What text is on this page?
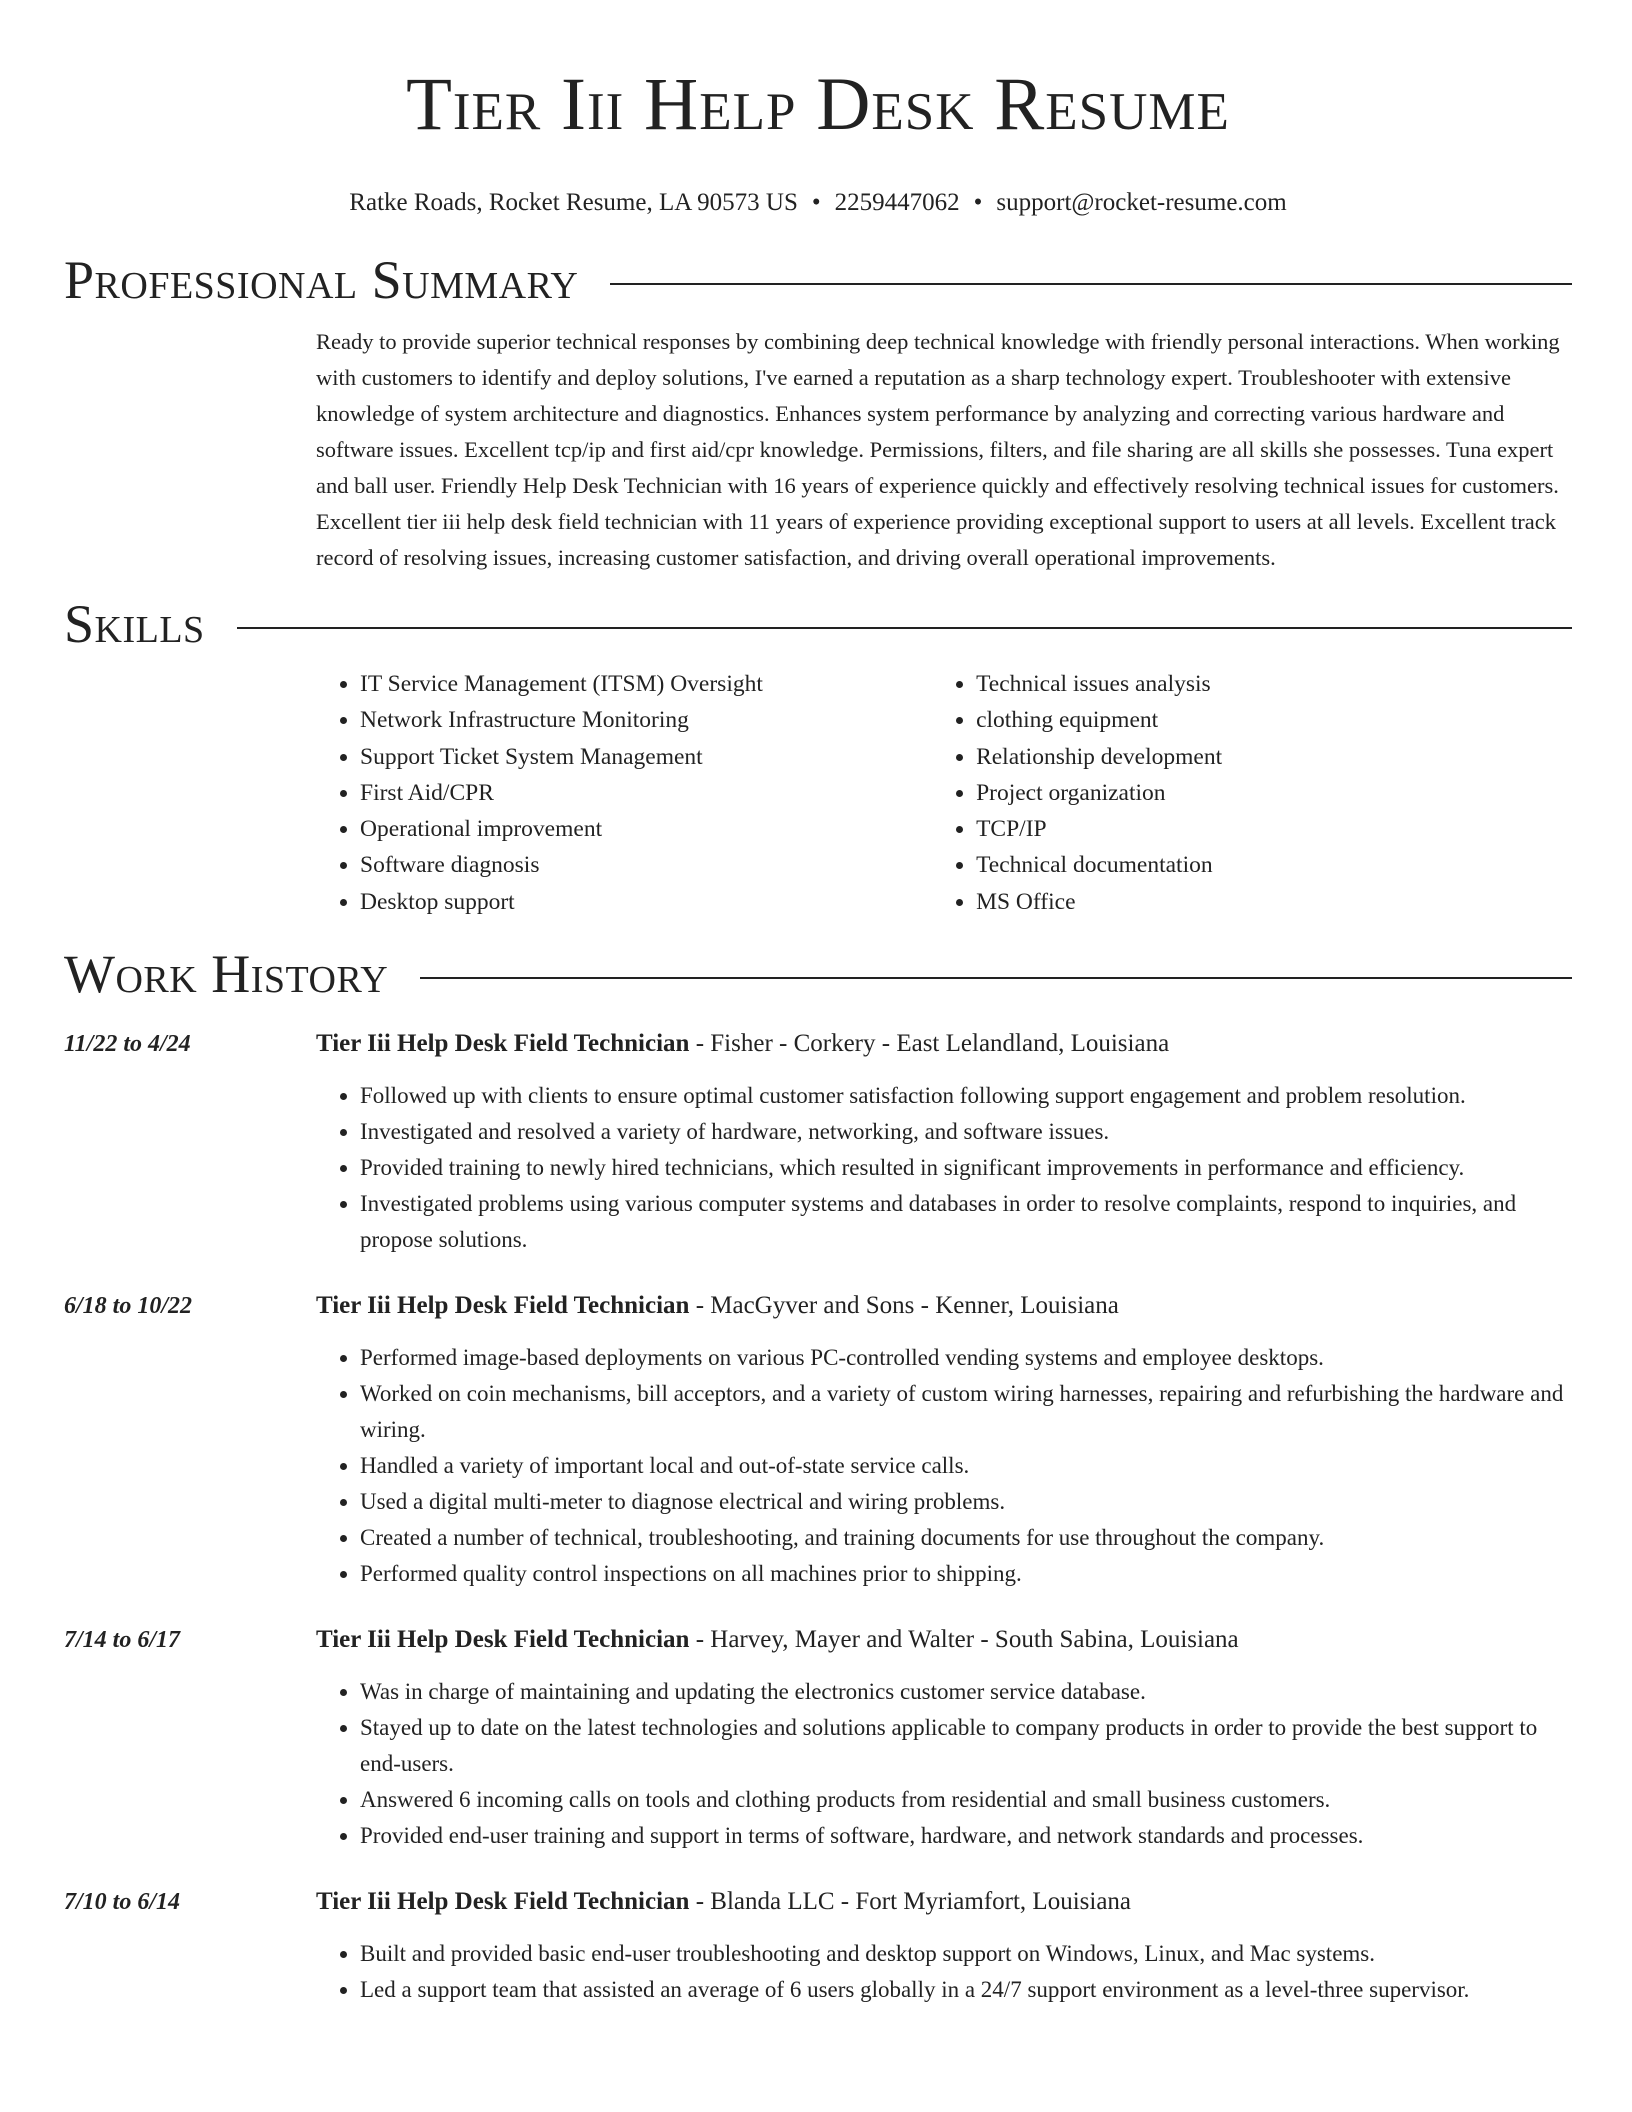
Tier Iii Help Desk Resume
Ratke Roads, Rocket Resume, LA 90573 US • 2259447062 • support@rocket-resume.com
Professional Summary
Ready to provide superior technical responses by combining deep technical knowledge with friendly personal interactions. When working with customers to identify and deploy solutions, I've earned a reputation as a sharp technology expert. Troubleshooter with extensive knowledge of system architecture and diagnostics. Enhances system performance by analyzing and correcting various hardware and software issues. Excellent tcp/ip and first aid/cpr knowledge. Permissions, filters, and file sharing are all skills she possesses. Tuna expert and ball user. Friendly Help Desk Technician with 16 years of experience quickly and effectively resolving technical issues for customers. Excellent tier iii help desk field technician with 11 years of experience providing exceptional support to users at all levels. Excellent track record of resolving issues, increasing customer satisfaction, and driving overall operational improvements.
Skills
• IT Service Management (ITSM) Oversight
• Network Infrastructure Monitoring
• Support Ticket System Management
• First Aid/CPR
• Operational improvement
• Software diagnosis
• Desktop support
• Technical issues analysis
• clothing equipment
• Relationship development
• Project organization
• TCP/IP
• Technical documentation
• MS Office
Work History
11/22 to 4/24	Tier Iii Help Desk Field Technician - Fisher - Corkery - East Lelandland, Louisiana
• Followed up with clients to ensure optimal customer satisfaction following support engagement and problem resolution.
• Investigated and resolved a variety of hardware, networking, and software issues.
• Provided training to newly hired technicians, which resulted in significant improvements in performance and efficiency.
• Investigated problems using various computer systems and databases in order to resolve complaints, respond to inquiries, and propose solutions.
6/18 to 10/22	Tier Iii Help Desk Field Technician - MacGyver and Sons - Kenner, Louisiana
• Performed image-based deployments on various PC-controlled vending systems and employee desktops.
• Worked on coin mechanisms, bill acceptors, and a variety of custom wiring harnesses, repairing and refurbishing the hardware and wiring.
• Handled a variety of important local and out-of-state service calls.
• Used a digital multi-meter to diagnose electrical and wiring problems.
• Created a number of technical, troubleshooting, and training documents for use throughout the company.
• Performed quality control inspections on all machines prior to shipping.
7/14 to 6/17	Tier Iii Help Desk Field Technician - Harvey, Mayer and Walter - South Sabina, Louisiana
• Was in charge of maintaining and updating the electronics customer service database.
• Stayed up to date on the latest technologies and solutions applicable to company products in order to provide the best support to end-users.
• Answered 6 incoming calls on tools and clothing products from residential and small business customers.
• Provided end-user training and support in terms of software, hardware, and network standards and processes.
7/10 to 6/14	Tier Iii Help Desk Field Technician - Blanda LLC - Fort Myriamfort, Louisiana
• Built and provided basic end-user troubleshooting and desktop support on Windows, Linux, and Mac systems.
• Led a support team that assisted an average of 6 users globally in a 24/7 support environment as a level-three supervisor.
